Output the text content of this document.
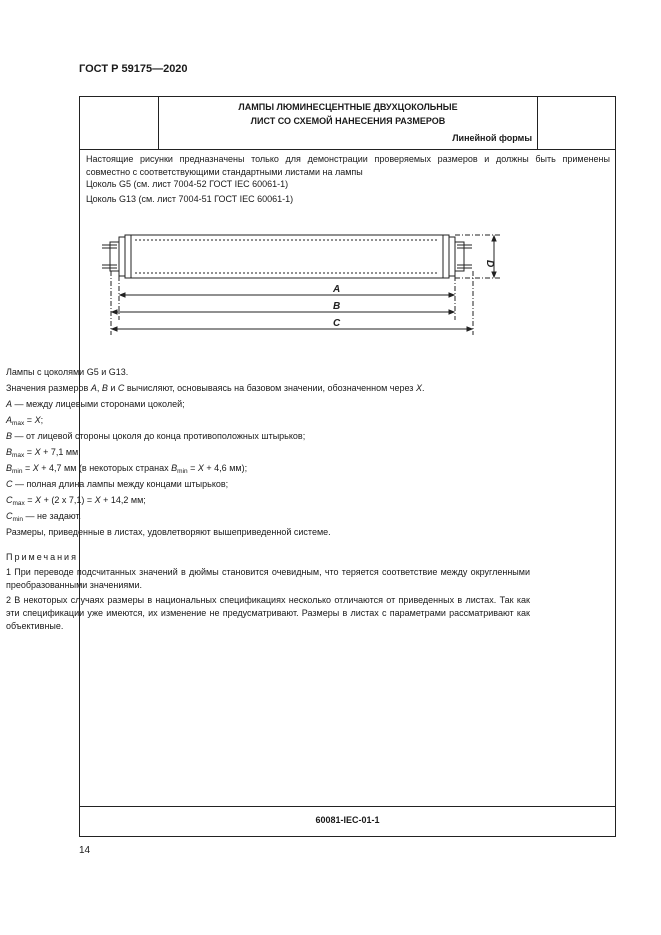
ГОСТ Р 59175—2020
ЛАМПЫ ЛЮМИНЕСЦЕНТНЫЕ ДВУХЦОКОЛЬНЫЕ
ЛИСТ СО СХЕМОЙ НАНЕСЕНИЯ РАЗМЕРОВ
Линейной формы

Настоящие рисунки предназначены только для демонстрации проверяемых размеров и должны быть применены совместно с соответствующими стандартными листами на лампы

Цоколь G5 (см. лист 7004-52 ГОСТ IEC 60061-1)

Цоколь G13 (см. лист 7004-51 ГОСТ IEC 60061-1)

60081-IEC-01-1
A
B
C
D
Лампы с цоколями G5 и G13.
Значения размеров A, B и C вычисляют, основываясь на базовом значении, обозначенном через X.
A — между лицевыми сторонами цоколей;
$A_{max} = X$;
B — от лицевой стороны цоколя до конца противоположных штырьков;
$B_{max} = X + 7,1$ мм;
$B_{min} = X + 4,7$ мм (в некоторых странах $B_{min} = X + 4,6$ мм);
C — полная длина лампы между концами штырьков;
$C_{max} = X + (2$ x 7,1) = X + 14,2 мм;
$C_{min}$ — не задают.
Размеры, приведенные в листах, удовлетворяют вышеприведенной системе.

Примечания

1 При переводе подсчитанных значений в дюймы становится очевидным, что теряется соответствие между округленными преобразованными значениями.

2 В некоторых случаях размеры в национальных спецификациях несколько отличаются от приведенных в листах. Так как эти спецификации уже имеются, их изменение не предусматривают. Размеры в листах с параметрами рассматривают как объективные.

14
